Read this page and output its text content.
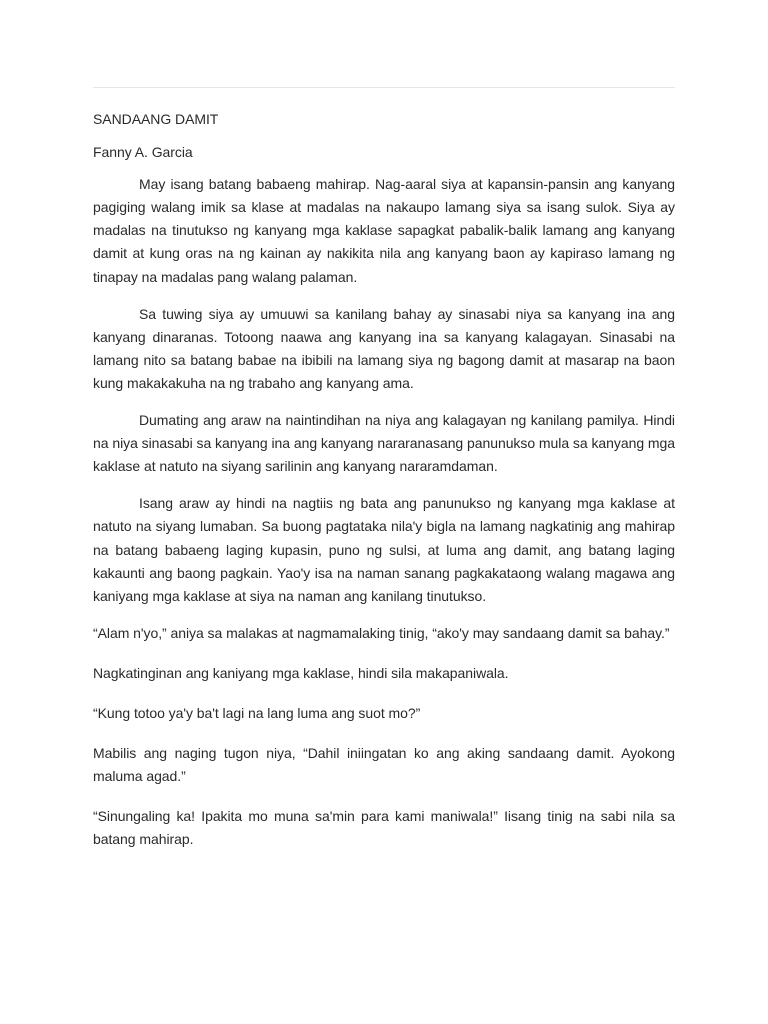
SANDAANG DAMIT
Fanny A. Garcia

May isang batang babaeng mahirap. Nag-aaral siya at kapansin-pansin ang kanyang pagiging walang imik sa klase at madalas na nakaupo lamang siya sa isang sulok. Siya ay madalas na tinutukso ng kanyang mga kaklase sapagkat pabalik-balik lamang ang kanyang damit at kung oras na ng kainan ay nakikita nila ang kanyang baon ay kapiraso lamang ng tinapay na madalas pang walang palaman.

Sa tuwing siya ay umuuwi sa kanilang bahay ay sinasabi niya sa kanyang ina ang kanyang dinaranas. Totoong naawa ang kanyang ina sa kanyang kalagayan. Sinasabi na lamang nito sa batang babae na ibibili na lamang siya ng bagong damit at masarap na baon kung makakakuha na ng trabaho ang kanyang ama.

Dumating ang araw na naintindihan na niya ang kalagayan ng kanilang pamilya. Hindi na niya sinasabi sa kanyang ina ang kanyang nararanasang panunukso mula sa kanyang mga kaklase at natuto na siyang sarilinin ang kanyang nararamdaman.

Isang araw ay hindi na nagtiis ng bata ang panunukso ng kanyang mga kaklase at natuto na siyang lumaban. Sa buong pagtataka nila'y bigla na lamang nagkatinig ang mahirap na batang babaeng laging kupasin, puno ng sulsi, at luma ang damit, ang batang laging kakaunti ang baong pagkain. Yao'y isa na naman sanang pagkakataong walang magawa ang kaniyang mga kaklase at siya na naman ang kanilang tinutukso.

“Alam n'yo,” aniya sa malakas at nagmamalaking tinig, “ako'y may sandaang damit sa bahay.”

Nagkatinginan ang kaniyang mga kaklase, hindi sila makapaniwala.

“Kung totoo ya'y ba't lagi na lang luma ang suot mo?”

Mabilis ang naging tugon niya, “Dahil iniingatan ko ang aking sandaang damit. Ayokong maluma agad.”

“Sinungaling ka! Ipakita mo muna sa'min para kami maniwala!” Iisang tinig na sabi nila sa batang mahirap.
